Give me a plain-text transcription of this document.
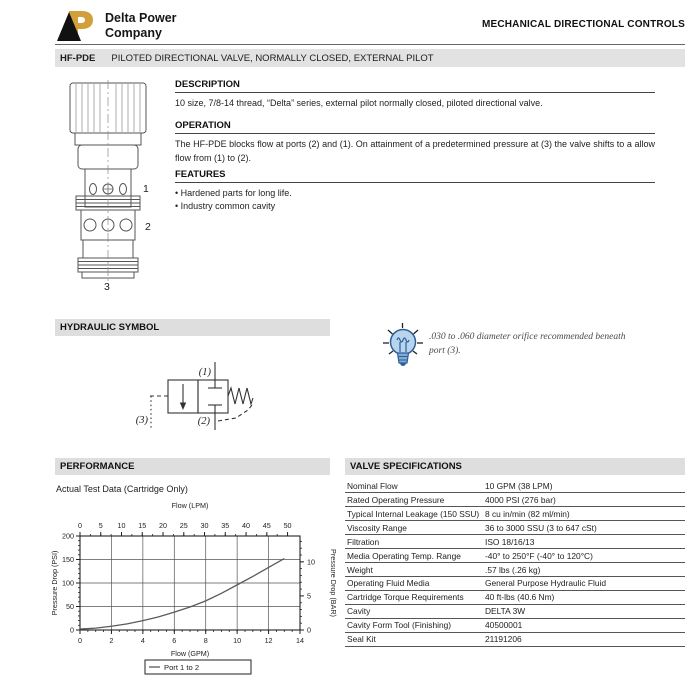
Delta Power
Company
MECHANICAL DIRECTIONAL CONTROLS
HF-PDE PILOTED DIRECTIONAL VALVE, NORMALLY CLOSED, EXTERNAL PILOT
1
2
3
DESCRIPTION
10 size, 7/8-14 thread, “Delta” series, external pilot normally closed, piloted directional valve.
OPERATION
The HF-PDE blocks flow at ports (2) and (1). On attainment of a predetermined pressure at (3) the valve shifts to a allow flow from (1) to (2).
FEATURES
• Hardened parts for long life.
• Industry common cavity
HYDRAULIC SYMBOL
(1)
(2)
(3)
.030 to .060 diameter orifice recommended beneath port (3).
PERFORMANCE
Actual Test Data (Cartridge Only)
0	2	4	6	8	10	12	14
0 5 10 15 20 25 30 35 40 45 50
0
50
100
150
200
0
5
10
Flow (LPM)
Flow (GPM)
Pressure Drop (PSI)	Pressure Drop (BAR)
Port 1 to 2
VALVE SPECIFICATIONS
Nominal Flow	10 GPM (38 LPM)
Rated Operating Pressure	4000 PSI (276 bar)
Typical Internal Leakage (150 SSU) 8 cu in/min (82 ml/min)
Viscosity Range	36 to 3000 SSU (3 to 647 cSt)
Filtration	ISO 18/16/13
Media Operating Temp. Range	-40° to 250°F (-40° to 120°C)
Weight	.57 lbs (.26 kg)
Operating Fluid Media	General Purpose Hydraulic Fluid
Cartridge Torque Requirements	40 ft-lbs (40.6 Nm)
Cavity	DELTA 3W
Cavity Form Tool (Finishing)	40500001
Seal Kit	21191206
